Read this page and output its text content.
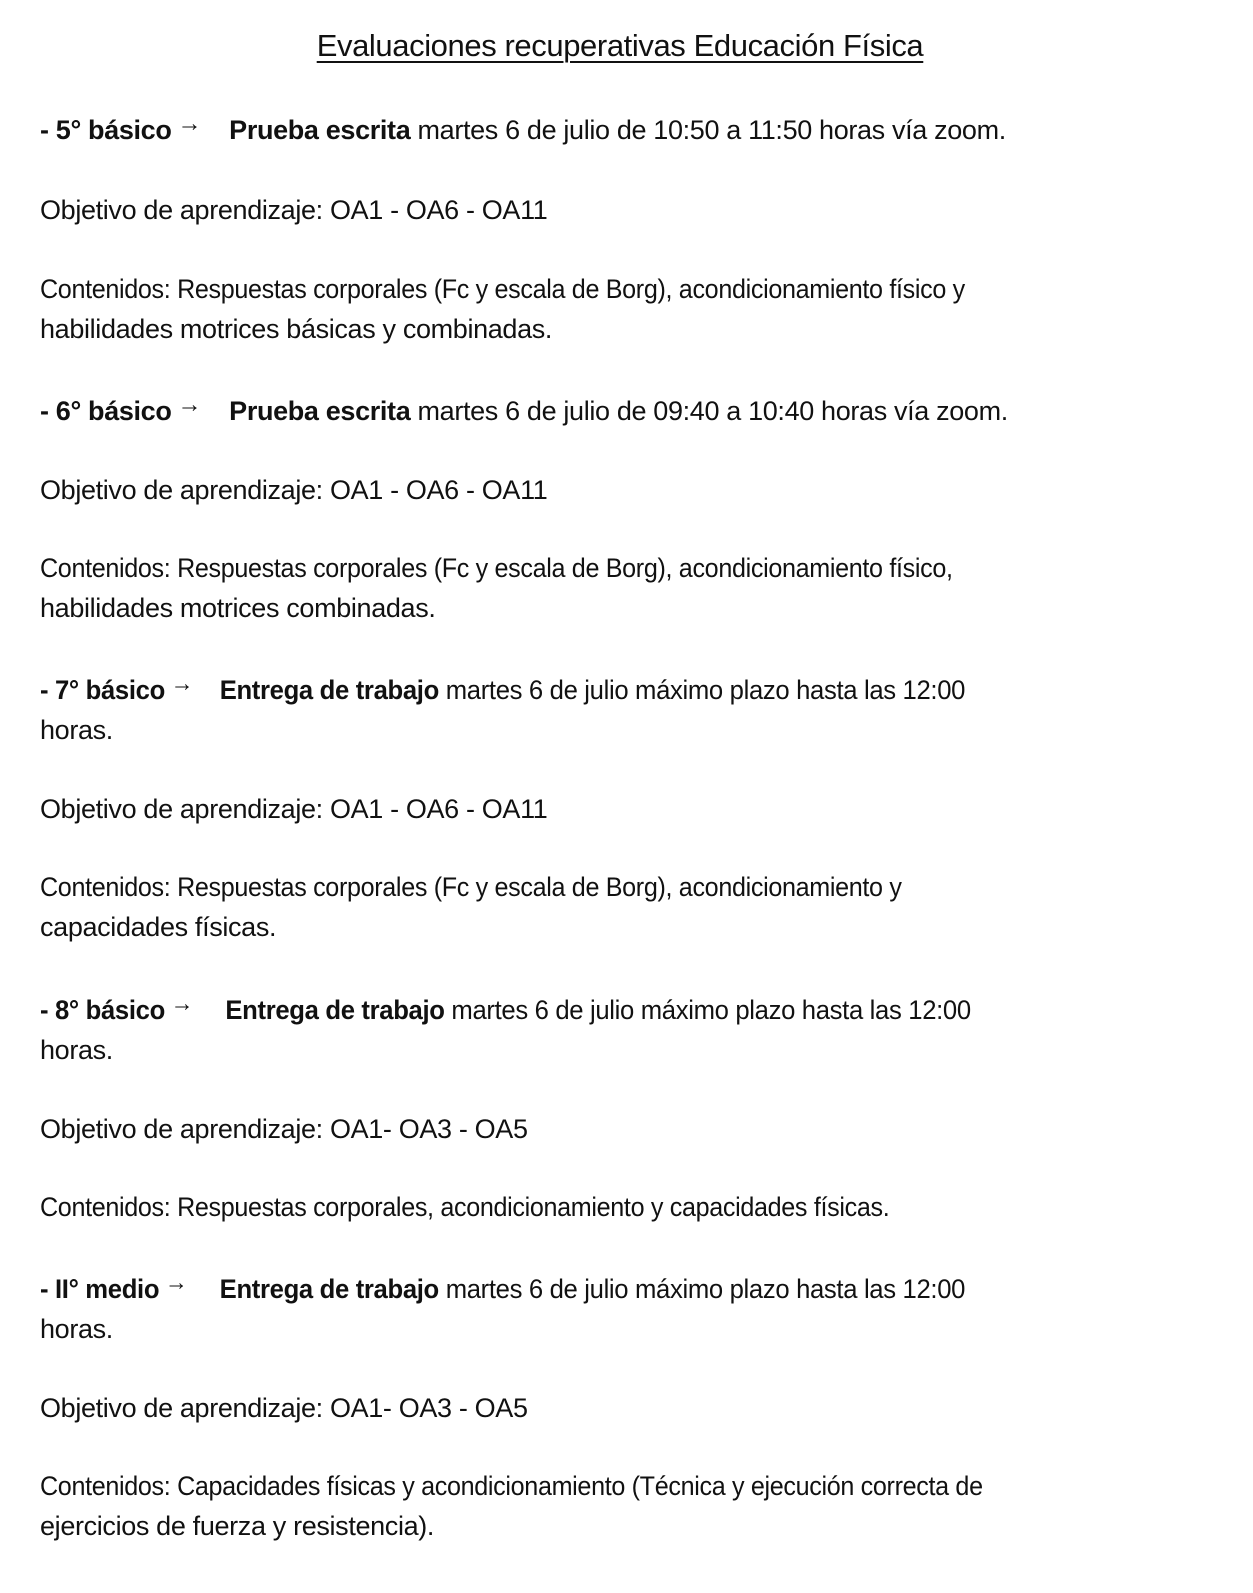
Evaluaciones recuperativas Educación Física
- 5° básico → Prueba escrita martes 6 de julio de 10:50 a 11:50 horas vía zoom.
Objetivo de aprendizaje: OA1 - OA6 - OA11
Contenidos: Respuestas corporales (Fc y escala de Borg), acondicionamiento físico y
habilidades motrices básicas y combinadas.
- 6° básico → Prueba escrita martes 6 de julio de 09:40 a 10:40 horas vía zoom.
Objetivo de aprendizaje: OA1 - OA6 - OA11
Contenidos: Respuestas corporales (Fc y escala de Borg), acondicionamiento físico,
habilidades motrices combinadas.
- 7° básico → Entrega de trabajo martes 6 de julio máximo plazo hasta las 12:00
horas.
Objetivo de aprendizaje: OA1 - OA6 - OA11
Contenidos: Respuestas corporales (Fc y escala de Borg), acondicionamiento y
capacidades físicas.
- 8° básico → Entrega de trabajo martes 6 de julio máximo plazo hasta las 12:00
horas.
Objetivo de aprendizaje: OA1- OA3 - OA5
Contenidos: Respuestas corporales, acondicionamiento y capacidades físicas.
- II° medio → Entrega de trabajo martes 6 de julio máximo plazo hasta las 12:00
horas.
Objetivo de aprendizaje: OA1- OA3 - OA5
Contenidos: Capacidades físicas y acondicionamiento (Técnica y ejecución correcta de
ejercicios de fuerza y resistencia).
